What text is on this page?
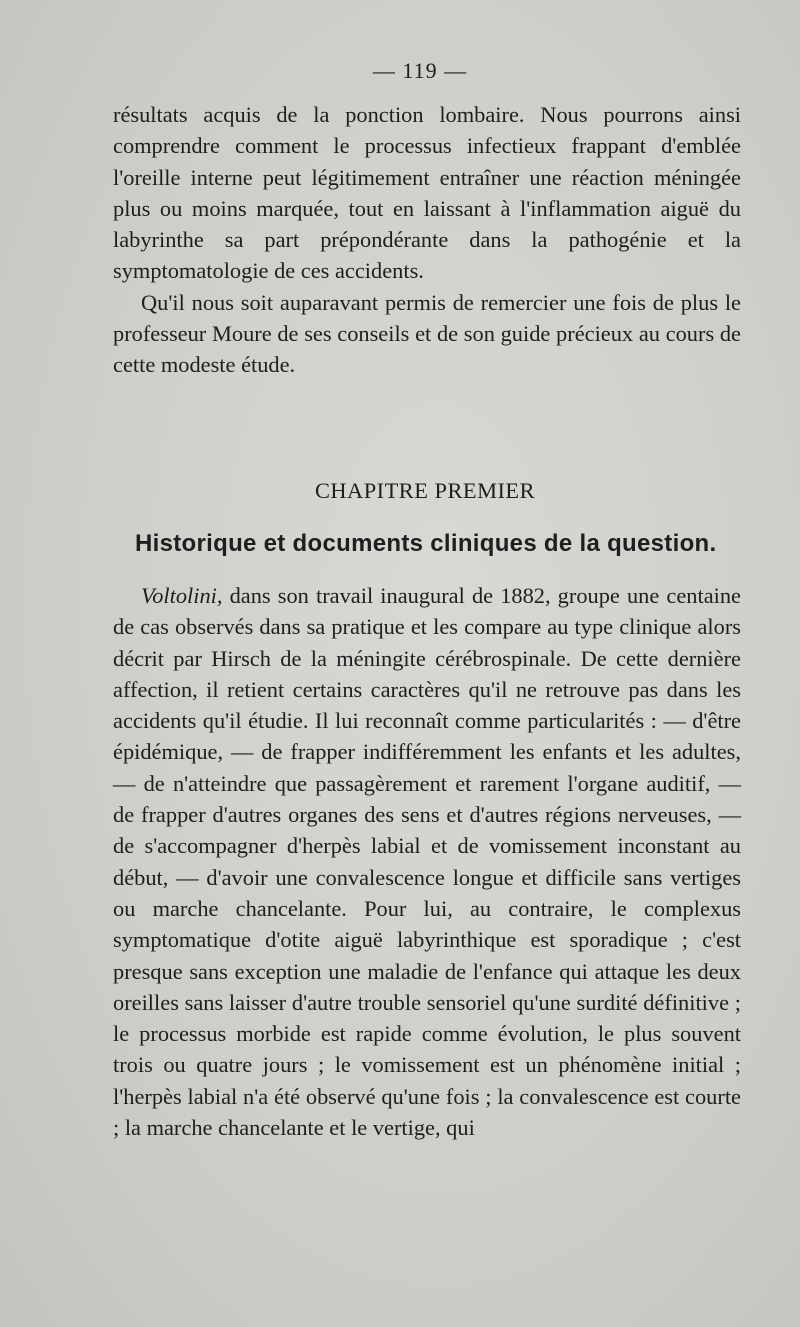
— 119 —

résultats acquis de la ponction lombaire. Nous pourrons ainsi comprendre comment le processus infectieux frappant d'emblée l'oreille interne peut légitimement entraîner une réaction méningée plus ou moins marquée, tout en laissant à l'inflammation aiguë du labyrinthe sa part prépondérante dans la pathogénie et la symptomatologie de ces accidents.

Qu'il nous soit auparavant permis de remercier une fois de plus le professeur Moure de ses conseils et de son guide précieux au cours de cette modeste étude.

CHAPITRE PREMIER
Historique et documents cliniques de la question.

Voltolini, dans son travail inaugural de 1882, groupe une centaine de cas observés dans sa pratique et les compare au type clinique alors décrit par Hirsch de la méningite cérébrospinale. De cette dernière affection, il retient certains caractères qu'il ne retrouve pas dans les accidents qu'il étudie. Il lui reconnaît comme particularités : — d'être épidémique, — de frapper indifféremment les enfants et les adultes, — de n'atteindre que passagèrement et rarement l'organe auditif, — de frapper d'autres organes des sens et d'autres régions nerveuses, — de s'accompagner d'herpès labial et de vomissement inconstant au début, — d'avoir une convalescence longue et difficile sans vertiges ou marche chancelante. Pour lui, au contraire, le complexus symptomatique d'otite aiguë labyrinthique est sporadique ; c'est presque sans exception une maladie de l'enfance qui attaque les deux oreilles sans laisser d'autre trouble sensoriel qu'une surdité définitive ; le processus morbide est rapide comme évolution, le plus souvent trois ou quatre jours ; le vomissement est un phénomène initial ; l'herpès labial n'a été observé qu'une fois ; la convalescence est courte ; la marche chancelante et le vertige, qui
